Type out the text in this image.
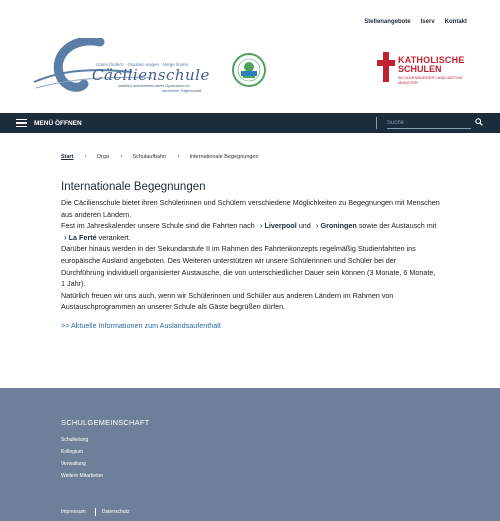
Stellenangebote	Iserv	Kontakt
Gutes fördern · Glauben wagen · Wege finden
Cäcilienschule
staatlich anerkanntes freies Gymnasium in
kirchlicher Trägerschaft
KATHOLISCHE
SCHULEN
IM OLDENBURGER LAND BISTUM MÜNSTER
MENÜ ÖFFNEN
Suche
Start › Orga › Schulaufbahn › Internationale Begegnungen
Internationale Begegnungen
Die Cäcilienschule bietet ihren Schülerinnen und Schülern verschiedene Möglichkeiten zu Begegnungen mit Menschen aus anderen Ländern.
Fest im Jahreskalender unsere Schule sind die Fahrten nach › Liverpool und › Groningen sowie der Austausch mit › La Ferté verankert.
Darüber hinaus werden in der Sekundarstufe II im Rahmen des Fahrtenkonzepts regelmäßig Studienfahrten ins europäische Ausland angeboten. Des Weiteren unterstützen wir unsere Schülerinnen und Schüler bei der Durchführung individuell organisierter Austausche, die von unterschiedlicher Dauer sein können (3 Monate, 6 Monate, 1 Jahr).
Natürlich freuen wir uns auch, wenn wir Schülerinnen und Schüler aus anderen Ländern im Rahmen von Austauschprogrammen an unserer Schule als Gäste begrüßen dürfen.
>> Aktuelle Informationen zum Auslandsaufenthalt
SCHULGEMEINSCHAFT
Schulleitung
Kollegium
Verwaltung
Weitere Mitarbeiter
Impressum	Datenschutz
